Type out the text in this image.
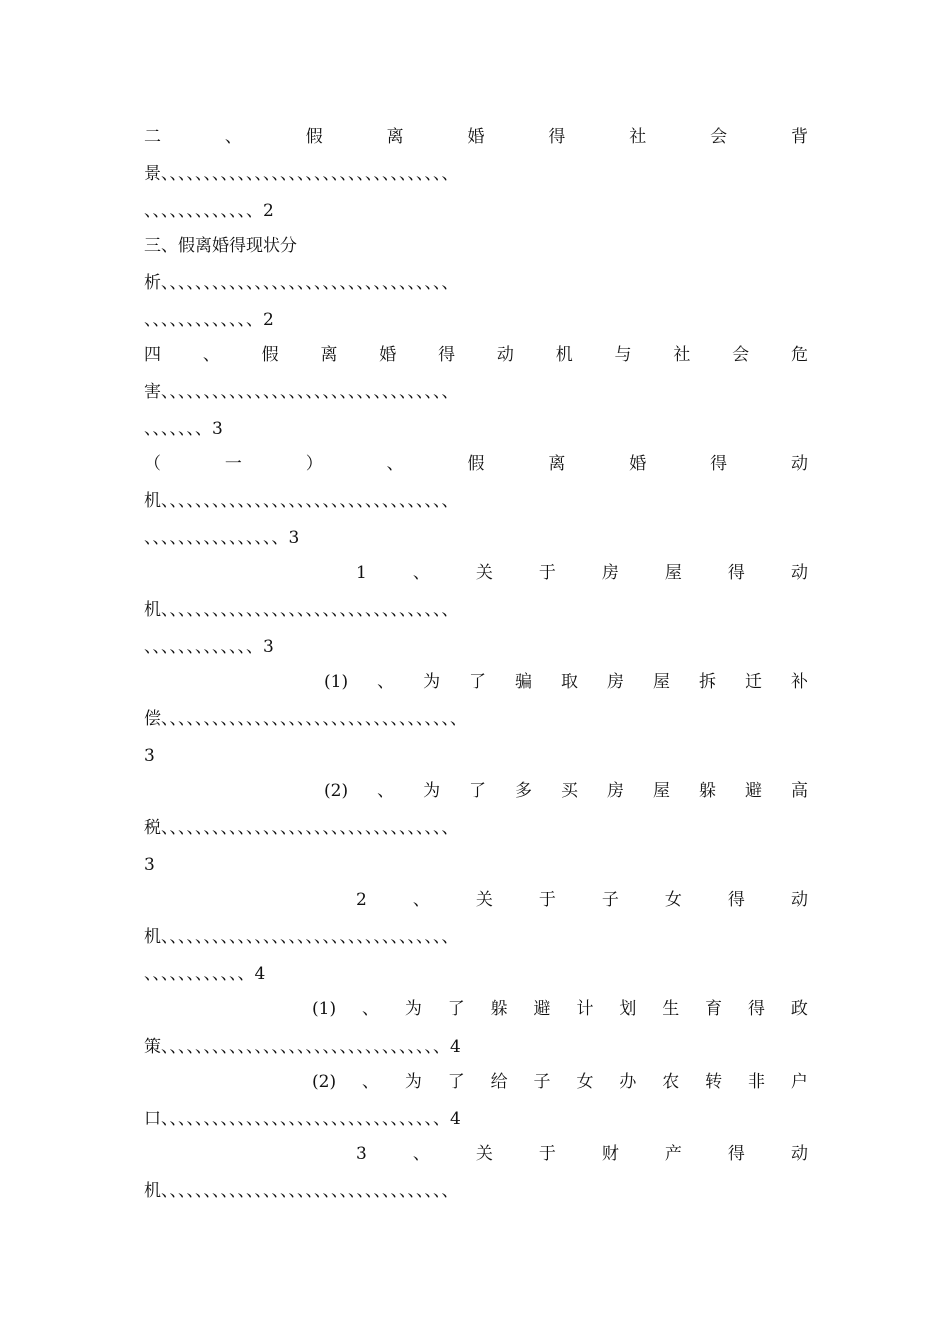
二	、	假	离	婚	得	社	会	背
景、、、、、、、、、、、、、、、、、、、、、、、、、、、、、、、、、、
、、、、、、、、、、、、、2
三、假离婚得现状分
析、、、、、、、、、、、、、、、、、、、、、、、、、、、、、、、、、、
、、、、、、、、、、、、、2
四 、 假 离 婚 得 动 机 与 社 会 危
害、、、、、、、、、、、、、、、、、、、、、、、、、、、、、、、、、、
、、、、、、、3
（	一	）	、	假	离	婚	得	动
机、、、、、、、、、、、、、、、、、、、、、、、、、、、、、、、、、、
、、、、、、、、、、、、、、、、3
1	、	关	于	房	屋	得	动
机、、、、、、、、、、、、、、、、、、、、、、、、、、、、、、、、、、
、、、、、、、、、、、、、3
(1) 、 为 了 骗 取 房 屋 拆 迁 补
偿、、、、、、、、、、、、、、、、、、、、、、、、、、、、、、、、、、、
3
(2) 、 为 了 多 买 房 屋 躲 避 高
税、、、、、、、、、、、、、、、、、、、、、、、、、、、、、、、、、、
3
2	、	关	于	子	女	得	动
机、、、、、、、、、、、、、、、、、、、、、、、、、、、、、、、、、、
、、、、、、、、、、、、4
(1) 、 为 了 躲 避 计 划 生 育 得 政
策、、、、、、、、、、、、、、、、、、、、、、、、、、、、、、、、、4
(2) 、 为 了 给 子 女 办 农 转 非 户
口、、、、、、、、、、、、、、、、、、、、、、、、、、、、、、、、、4
3	、	关	于	财	产	得	动
机、、、、、、、、、、、、、、、、、、、、、、、、、、、、、、、、、、
